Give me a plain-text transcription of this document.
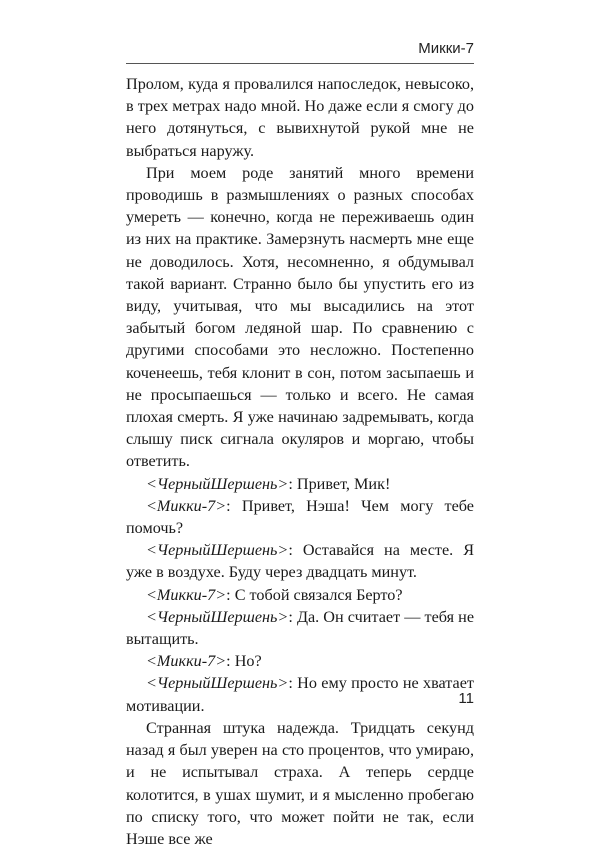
Микки-7

Пролом, куда я провалился напоследок, невысоко, в трех метрах надо мной. Но даже если я смогу до него дотянуться, с вывихнутой рукой мне не выбраться наружу.

При моем роде занятий много времени проводишь в размышлениях о разных способах умереть — конечно, когда не переживаешь один из них на практике. Замерзнуть насмерть мне еще не доводилось. Хотя, несомненно, я обдумывал такой вариант. Странно было бы упустить его из виду, учитывая, что мы высадились на этот забытый богом ледяной шар. По сравнению с другими способами это несложно. Постепенно коченеешь, тебя клонит в сон, потом засыпаешь и не просыпаешься — только и всего. Не самая плохая смерть. Я уже начинаю задремывать, когда слышу писк сигнала окуляров и моргаю, чтобы ответить.

<ЧерныйШершень>: Привет, Мик!

<Микки-7>: Привет, Нэша! Чем могу тебе помочь?

<ЧерныйШершень>: Оставайся на месте. Я уже в воздухе. Буду через двадцать минут.

<Микки-7>: С тобой связался Берто?

<ЧерныйШершень>: Да. Он считает — тебя не вытащить.

<Микки-7>: Но?

<ЧерныйШершень>: Но ему просто не хватает мотивации.

Странная штука надежда. Тридцать секунд назад я был уверен на сто процентов, что умираю, и не испытывал страха. А теперь сердце колотится, в ушах шумит, и я мысленно пробегаю по списку того, что может пойти не так, если Нэше все же

11
